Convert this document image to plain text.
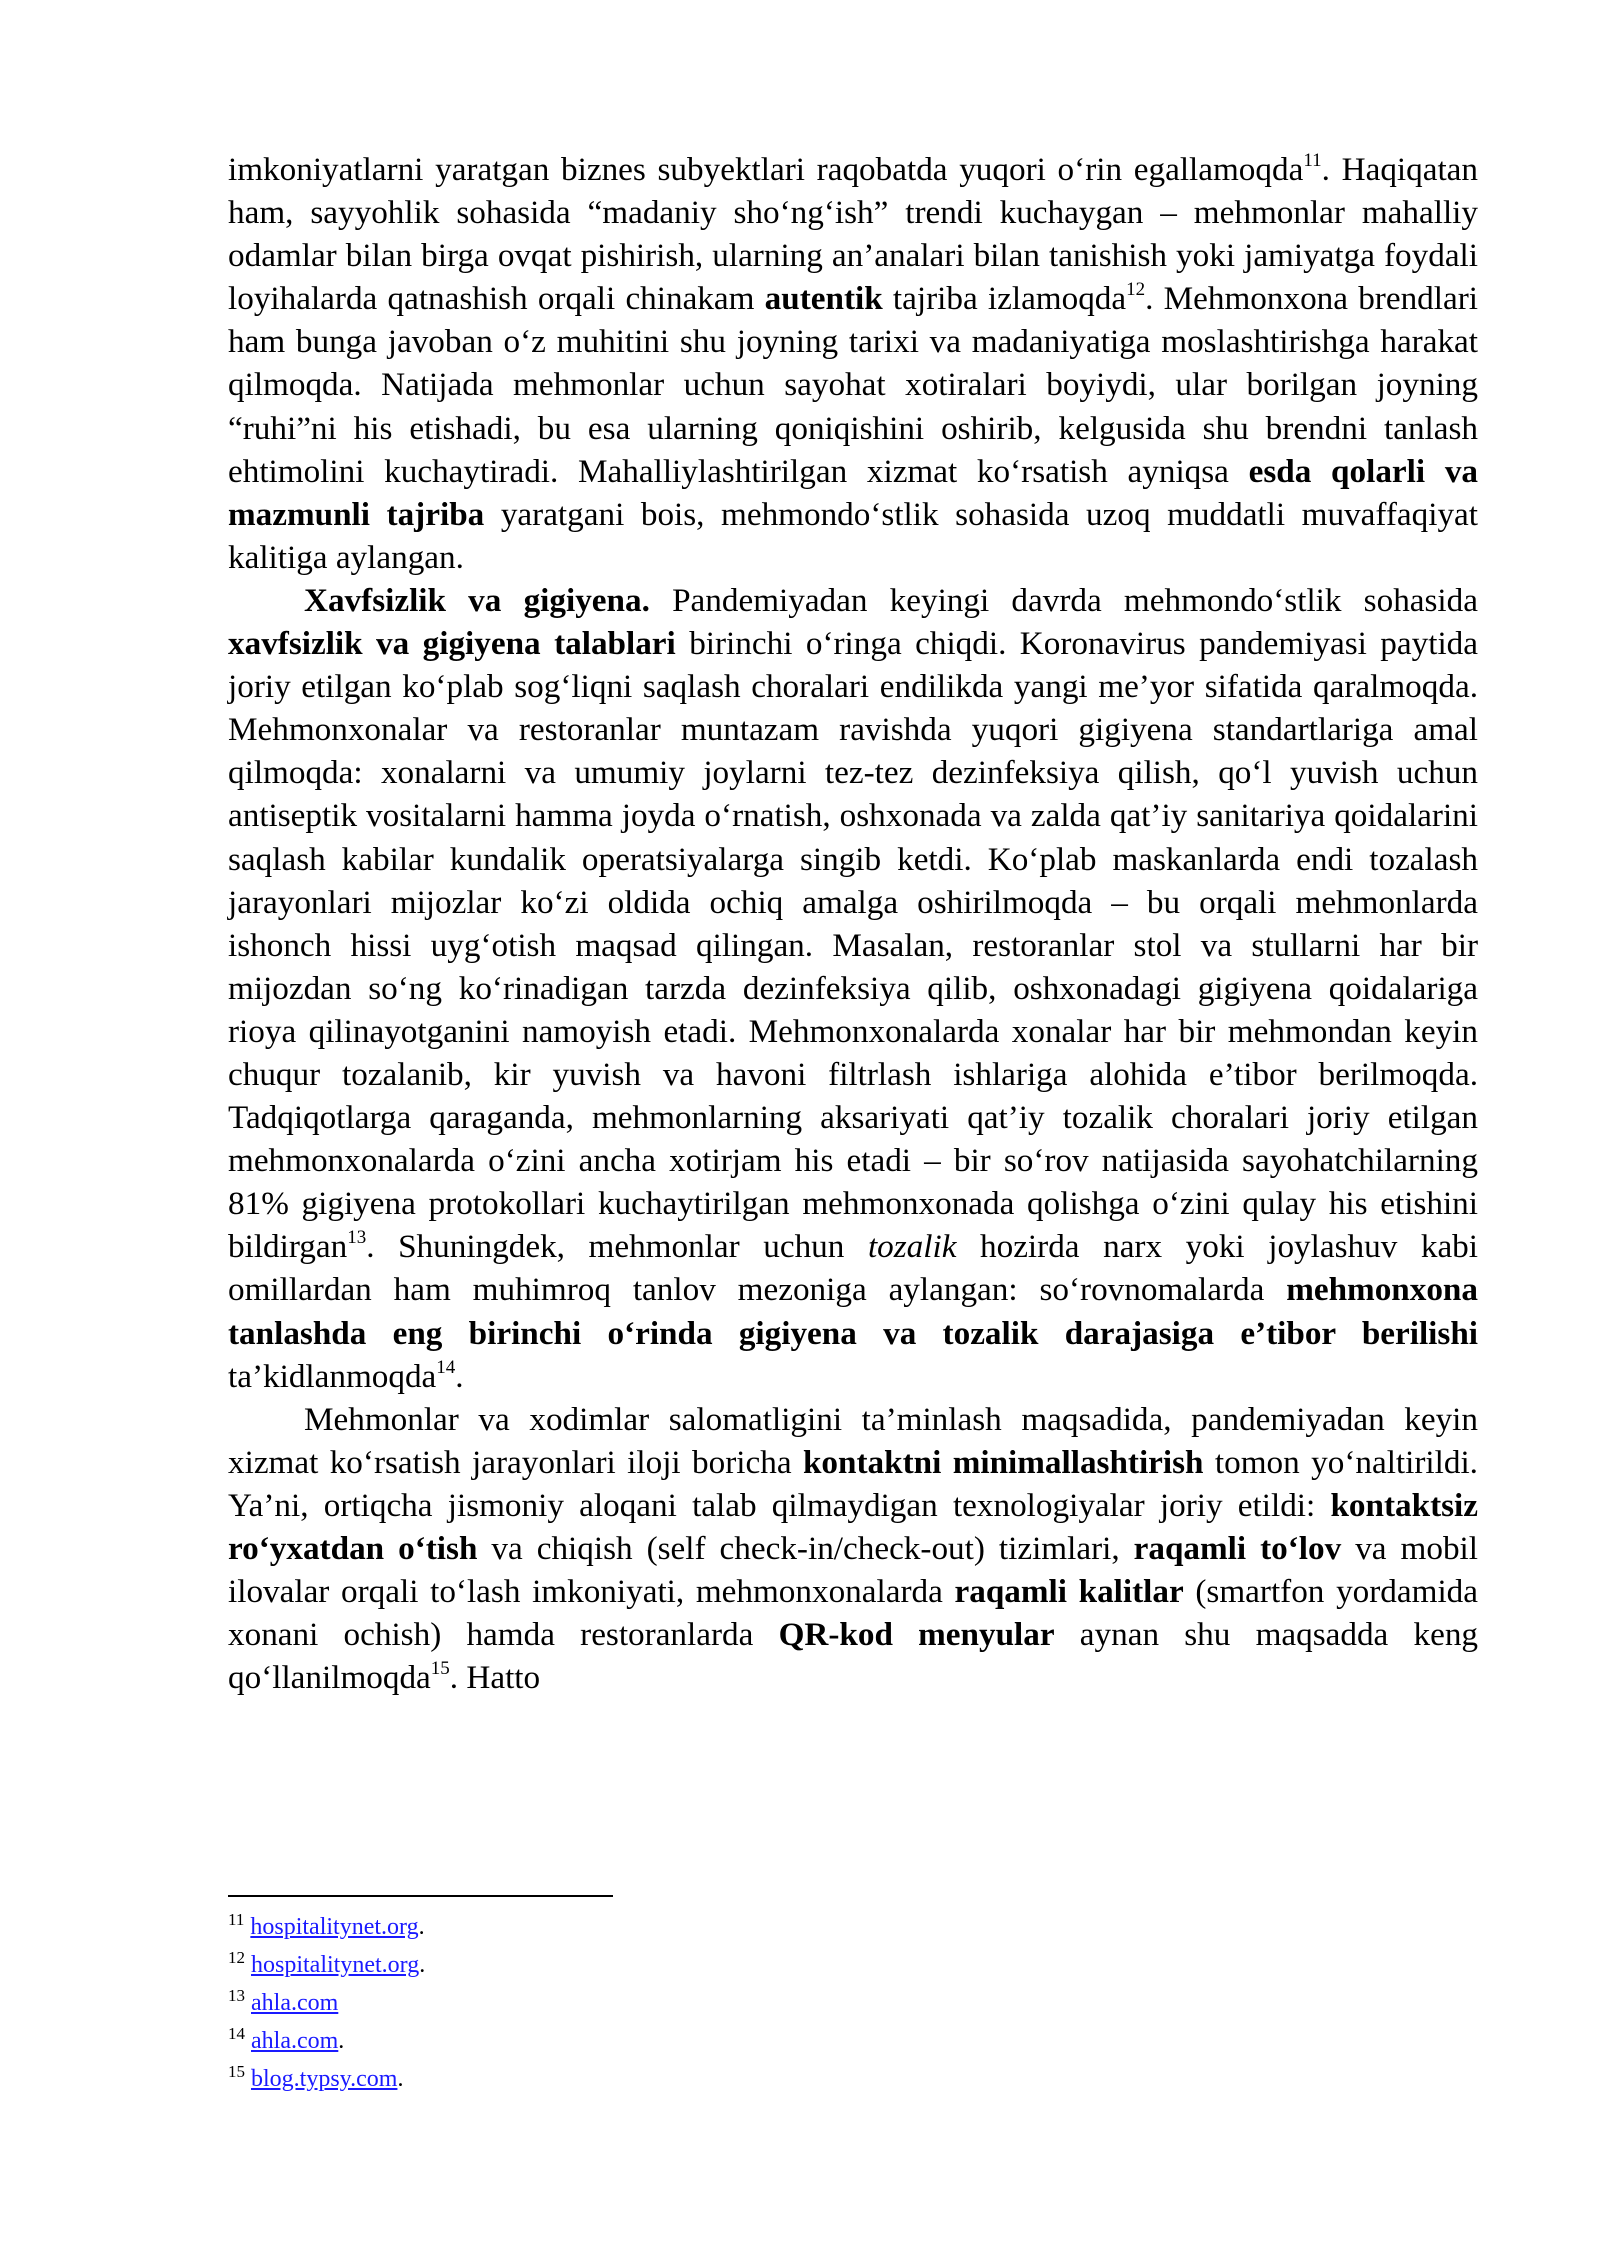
imkoniyatlarni yaratgan biznes subyektlari raqobatda yuqori o‘rin egallamoqda$^{11}$. Haqiqatan ham, sayyohlik sohasida “madaniy sho‘ng‘ish” trendi kuchaygan – mehmonlar mahalliy odamlar bilan birga ovqat pishirish, ularning an’analari bilan tanishish yoki jamiyatga foydali loyihalarda qatnashish orqali chinakam autentik tajriba izlamoqda$^{12}$. Mehmonxona brendlari ham bunga javoban o‘z muhitini shu joyning tarixi va madaniyatiga moslashtirishga harakat qilmoqda. Natijada mehmonlar uchun sayohat xotiralari boyiydi, ular borilgan joyning “ruhi”ni his etishadi, bu esa ularning qoniqishini oshirib, kelgusida shu brendni tanlash ehtimolini kuchaytiradi. Mahalliylashtirilgan xizmat ko‘rsatish ayniqsa esda qolarli va mazmunli tajriba yaratgani bois, mehmondo‘stlik sohasida uzoq muddatli muvaffaqiyat kalitiga aylangan.

Xavfsizlik va gigiyena. Pandemiyadan keyingi davrda mehmondo‘stlik sohasida xavfsizlik va gigiyena talablari birinchi o‘ringa chiqdi. Koronavirus pandemiyasi paytida joriy etilgan ko‘plab sog‘liqni saqlash choralari endilikda yangi me’yor sifatida qaralmoqda. Mehmonxonalar va restoranlar muntazam ravishda yuqori gigiyena standartlariga amal qilmoqda: xonalarni va umumiy joylarni tez-tez dezinfeksiya qilish, qo‘l yuvish uchun antiseptik vositalarni hamma joyda o‘rnatish, oshxonada va zalda qat’iy sanitariya qoidalarini saqlash kabilar kundalik operatsiyalarga singib ketdi. Ko‘plab maskanlarda endi tozalash jarayonlari mijozlar ko‘zi oldida ochiq amalga oshirilmoqda – bu orqali mehmonlarda ishonch hissi uyg‘otish maqsad qilingan. Masalan, restoranlar stol va stullarni har bir mijozdan so‘ng ko‘rinadigan tarzda dezinfeksiya qilib, oshxonadagi gigiyena qoidalariga rioya qilinayotganini namoyish etadi. Mehmonxonalarda xonalar har bir mehmondan keyin chuqur tozalanib, kir yuvish va havoni filtrlash ishlariga alohida e’tibor berilmoqda. Tadqiqotlarga qaraganda, mehmonlarning aksariyati qat’iy tozalik choralari joriy etilgan mehmonxonalarda o‘zini ancha xotirjam his etadi – bir so‘rov natijasida sayohatchilarning 81% gigiyena protokollari kuchaytirilgan mehmonxonada qolishga o‘zini qulay his etishini bildirgan$^{13}$. Shuningdek, mehmonlar uchun tozalik hozirda narx yoki joylashuv kabi omillardan ham muhimroq tanlov mezoniga aylangan: so‘rovnomalarda mehmonxona tanlashda eng birinchi o‘rinda gigiyena va tozalik darajasiga e’tibor berilishi ta’kidlanmoqda$^{14}$.

Mehmonlar va xodimlar salomatligini ta’minlash maqsadida, pandemiyadan keyin xizmat ko‘rsatish jarayonlari iloji boricha kontaktni minimallashtirish tomon yo‘naltirildi. Ya’ni, ortiqcha jismoniy aloqani talab qilmaydigan texnologiyalar joriy etildi: kontaktsiz ro‘yxatdan o‘tish va chiqish (self check-in/check-out) tizimlari, raqamli to‘lov va mobil ilovalar orqali to‘lash imkoniyati, mehmonxonalarda raqamli kalitlar (smartfon yordamida xonani ochish) hamda restoranlarda QR-kod menyular aynan shu maqsadda keng qo‘llanilmoqda$^{15}$. Hatto

$^{11}$ hospitalitynet.org.
$^{12}$ hospitalitynet.org.
$^{13}$ ahla.com
$^{14}$ ahla.com.
$^{15}$ blog.typsy.com.
